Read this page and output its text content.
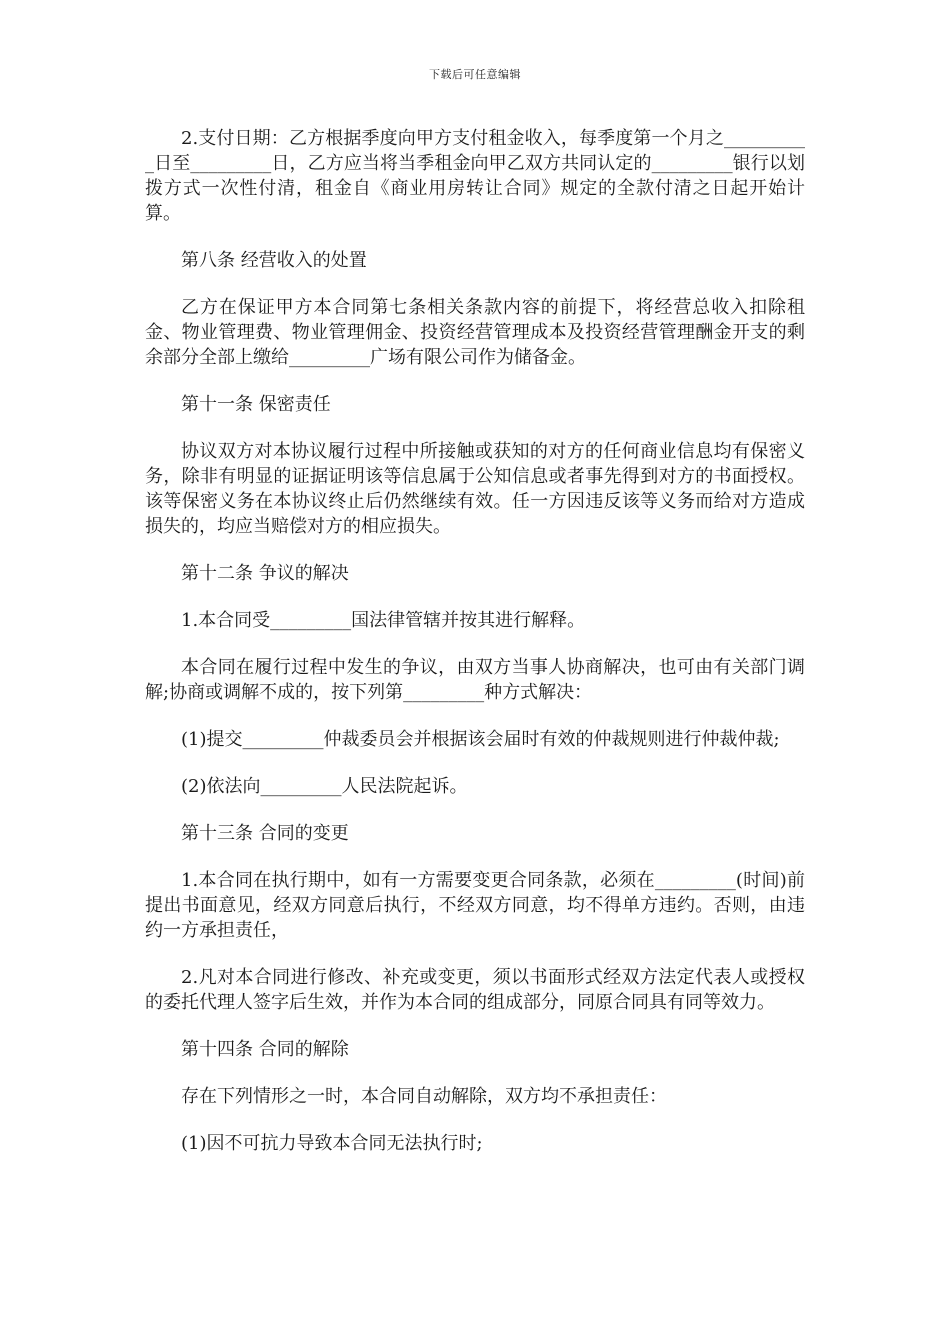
下载后可任意编辑

2.支付日期：乙方根据季度向甲方支付租金收入，每季度第一个月之__________日至_________日，乙方应当将当季租金向甲乙双方共同认定的_________银行以划拨方式一次性付清，租金自《商业用房转让合同》规定的全款付清之日起开始计算。

第八条 经营收入的处置

乙方在保证甲方本合同第七条相关条款内容的前提下，将经营总收入扣除租金、物业管理费、物业管理佣金、投资经营管理成本及投资经营管理酬金开支的剩余部分全部上缴给_________广场有限公司作为储备金。

第十一条 保密责任

协议双方对本协议履行过程中所接触或获知的对方的任何商业信息均有保密义务，除非有明显的证据证明该等信息属于公知信息或者事先得到对方的书面授权。该等保密义务在本协议终止后仍然继续有效。任一方因违反该等义务而给对方造成损失的，均应当赔偿对方的相应损失。

第十二条 争议的解决

1.本合同受_________国法律管辖并按其进行解释。

本合同在履行过程中发生的争议，由双方当事人协商解决，也可由有关部门调解;协商或调解不成的，按下列第_________种方式解决：

(1)提交_________仲裁委员会并根据该会届时有效的仲裁规则进行仲裁仲裁;

(2)依法向_________人民法院起诉。

第十三条 合同的变更

1.本合同在执行期中，如有一方需要变更合同条款，必须在_________(时间)前提出书面意见，经双方同意后执行，不经双方同意，均不得单方违约。否则，由违约一方承担责任，

2.凡对本合同进行修改、补充或变更，须以书面形式经双方法定代表人或授权的委托代理人签字后生效，并作为本合同的组成部分，同原合同具有同等效力。

第十四条 合同的解除

存在下列情形之一时，本合同自动解除，双方均不承担责任：

(1)因不可抗力导致本合同无法执行时;
